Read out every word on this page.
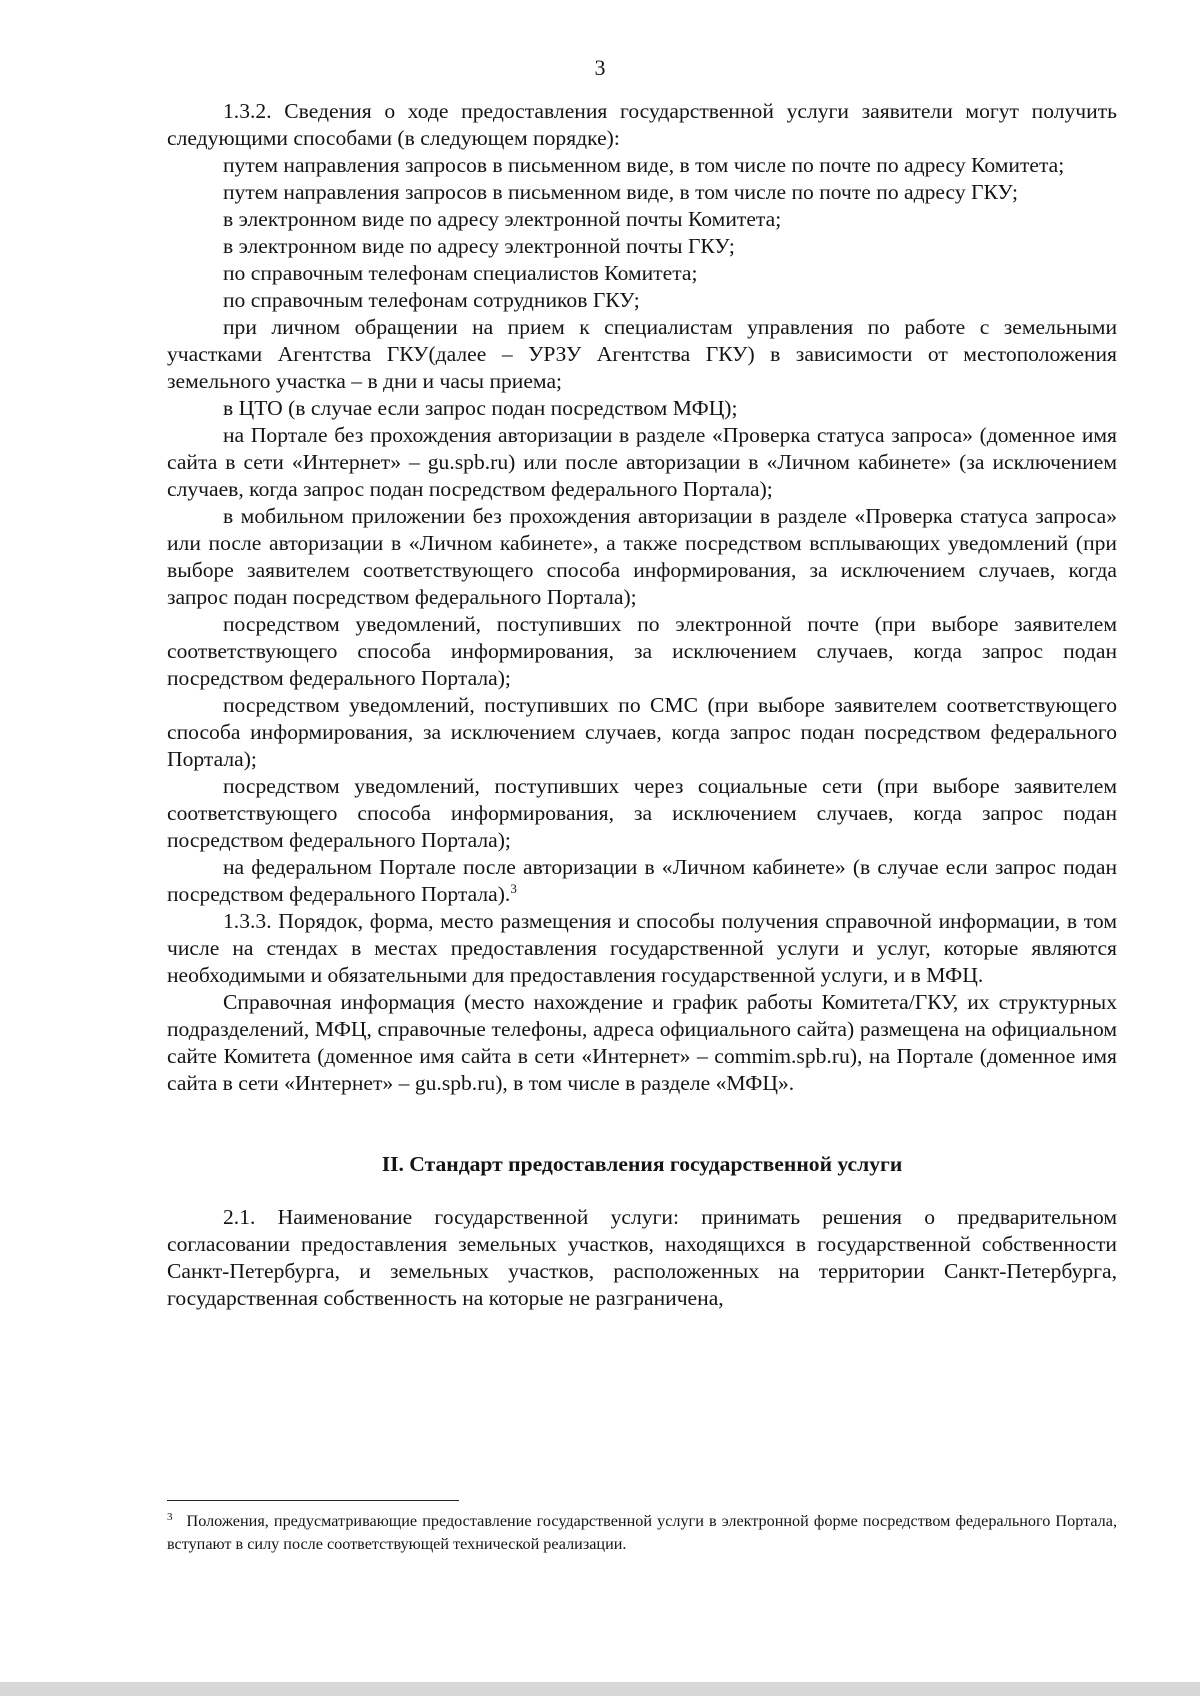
3

1.3.2. Сведения о ходе предоставления государственной услуги заявители могут получить следующими способами (в следующем порядке):

путем направления запросов в письменном виде, в том числе по почте по адресу Комитета;

путем направления запросов в письменном виде, в том числе по почте по адресу ГКУ;

в электронном виде по адресу электронной почты Комитета;

в электронном виде по адресу электронной почты ГКУ;

по справочным телефонам специалистов Комитета;

по справочным телефонам сотрудников ГКУ;

при личном обращении на прием к специалистам управления по работе с земельными участками Агентства ГКУ(далее – УРЗУ Агентства ГКУ) в зависимости от местоположения земельного участка – в дни и часы приема;

в ЦТО (в случае если запрос подан посредством МФЦ);

на Портале без прохождения авторизации в разделе «Проверка статуса запроса» (доменное имя сайта в сети «Интернет» – gu.spb.ru) или после авторизации в «Личном кабинете» (за исключением случаев, когда запрос подан посредством федерального Портала);

в мобильном приложении без прохождения авторизации в разделе «Проверка статуса запроса» или после авторизации в «Личном кабинете», а также посредством всплывающих уведомлений (при выборе заявителем соответствующего способа информирования, за исключением случаев, когда запрос подан посредством федерального Портала);

посредством уведомлений, поступивших по электронной почте (при выборе заявителем соответствующего способа информирования, за исключением случаев, когда запрос подан посредством федерального Портала);

посредством уведомлений, поступивших по СМС (при выборе заявителем соответствующего способа информирования, за исключением случаев, когда запрос подан посредством федерального Портала);

посредством уведомлений, поступивших через социальные сети (при выборе заявителем соответствующего способа информирования, за исключением случаев, когда запрос подан посредством федерального Портала);

на федеральном Портале после авторизации в «Личном кабинете» (в случае если запрос подан посредством федерального Портала).$^3$

1.3.3. Порядок, форма, место размещения и способы получения справочной информации, в том числе на стендах в местах предоставления государственной услуги и услуг, которые являются необходимыми и обязательными для предоставления государственной услуги, и в МФЦ.

Справочная информация (место нахождение и график работы Комитета/ГКУ, их структурных подразделений, МФЦ, справочные телефоны, адреса официального сайта) размещена на официальном сайте Комитета (доменное имя сайта в сети «Интернет» – commim.spb.ru), на Портале (доменное имя сайта в сети «Интернет» – gu.spb.ru), в том числе в разделе «МФЦ».

II. Стандарт предоставления государственной услуги

2.1. Наименование государственной услуги: принимать решения о предварительном согласовании предоставления земельных участков, находящихся в государственной собственности Санкт-Петербурга, и земельных участков, расположенных на территории Санкт-Петербурга, государственная собственность на которые не разграничена,

$^3$ Положения, предусматривающие предоставление государственной услуги в электронной форме посредством федерального Портала, вступают в силу после соответствующей технической реализации.
